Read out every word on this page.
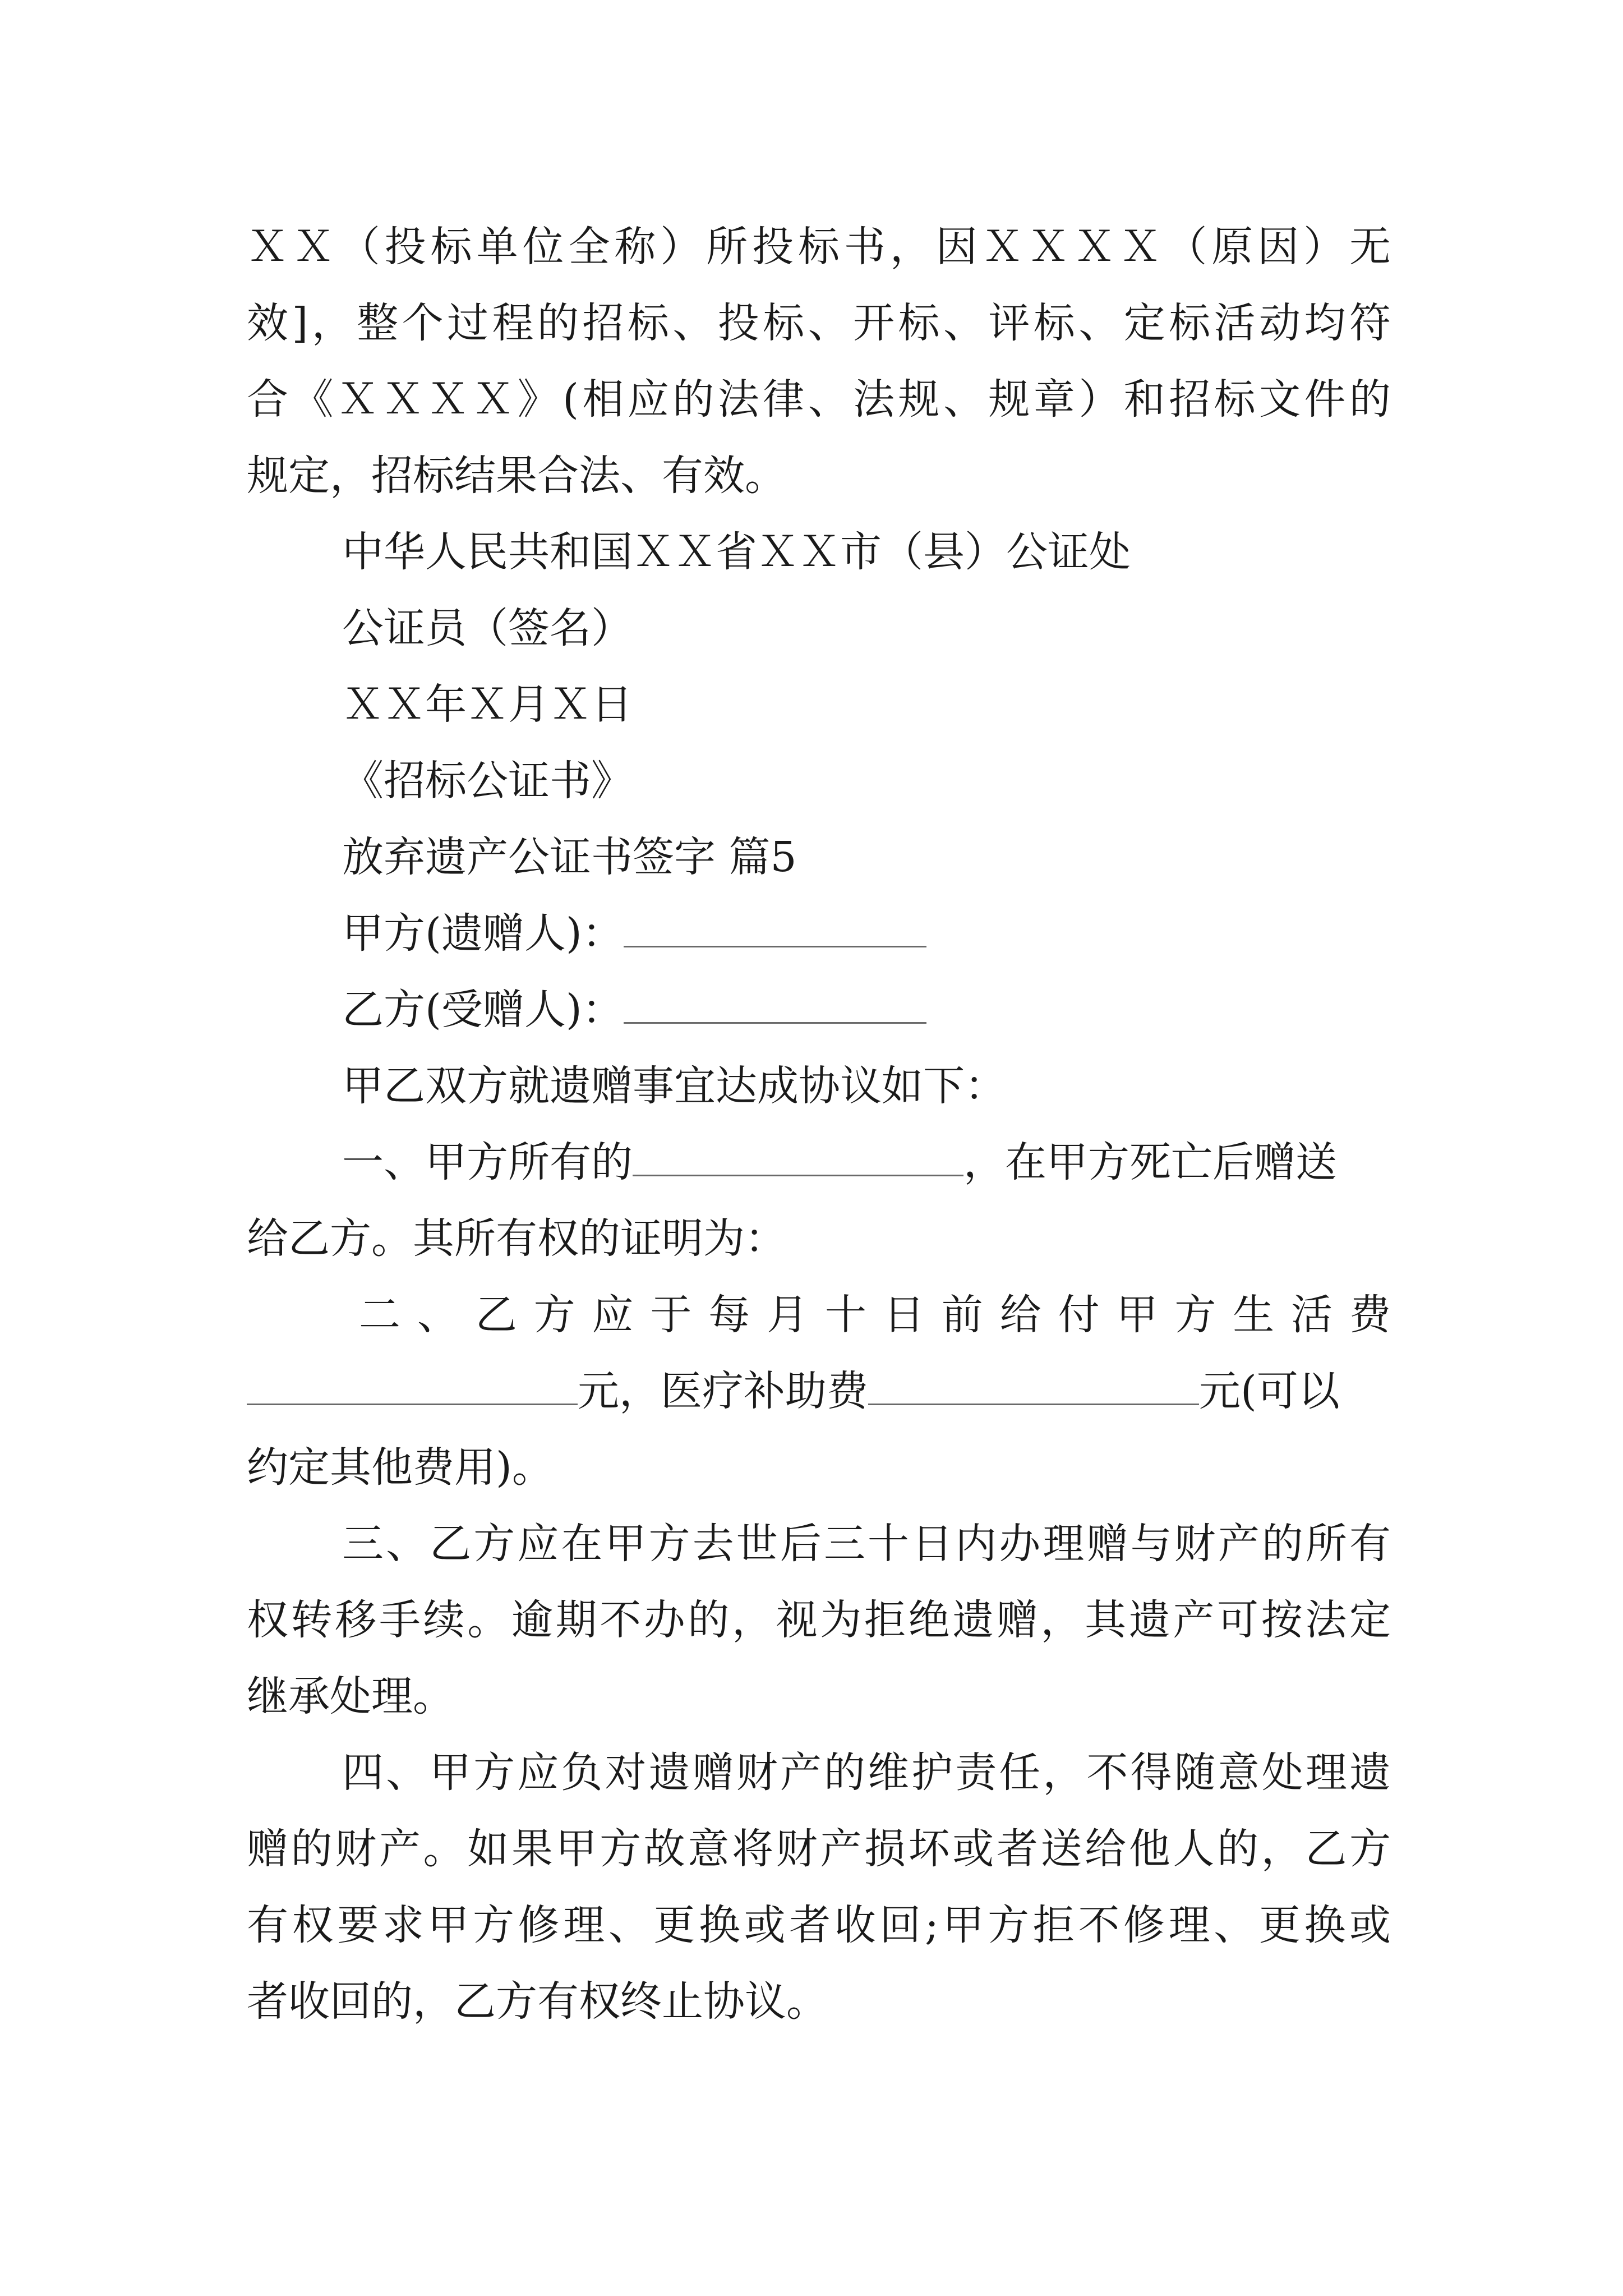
ＸＸ（投标单位全称）所投标书，因ＸＸＸＸ（原因）无
效]，整个过程的招标、投标、开标、评标、定标活动均符
合《ＸＸＸＸ》(相应的法律、法规、规章）和招标文件的
规定，招标结果合法、有效。
中华人民共和国ＸＸ省ＸＸ市（县）公证处
公证员（签名）
ＸＸ年Ｘ月Ｘ日
《招标公证书》
放弃遗产公证书签字 篇5
甲方(遗赠人)：
乙方(受赠人)：
甲乙双方就遗赠事宜达成协议如下：
一、甲方所有的	，在甲方死亡后赠送
给乙方。其所有权的证明为：
二 、 乙 方 应 于 每 月 十 日 前 给 付 甲 方 生 活 费
元，医疗补助费	元(可以
约定其他费用)。
三、乙方应在甲方去世后三十日内办理赠与财产的所有
权转移手续。逾期不办的，视为拒绝遗赠，其遗产可按法定
继承处理。
四、甲方应负对遗赠财产的维护责任，不得随意处理遗
赠的财产。如果甲方故意将财产损坏或者送给他人的，乙方
有权要求甲方修理、更换或者收回;甲方拒不修理、更换或
者收回的，乙方有权终止协议。
